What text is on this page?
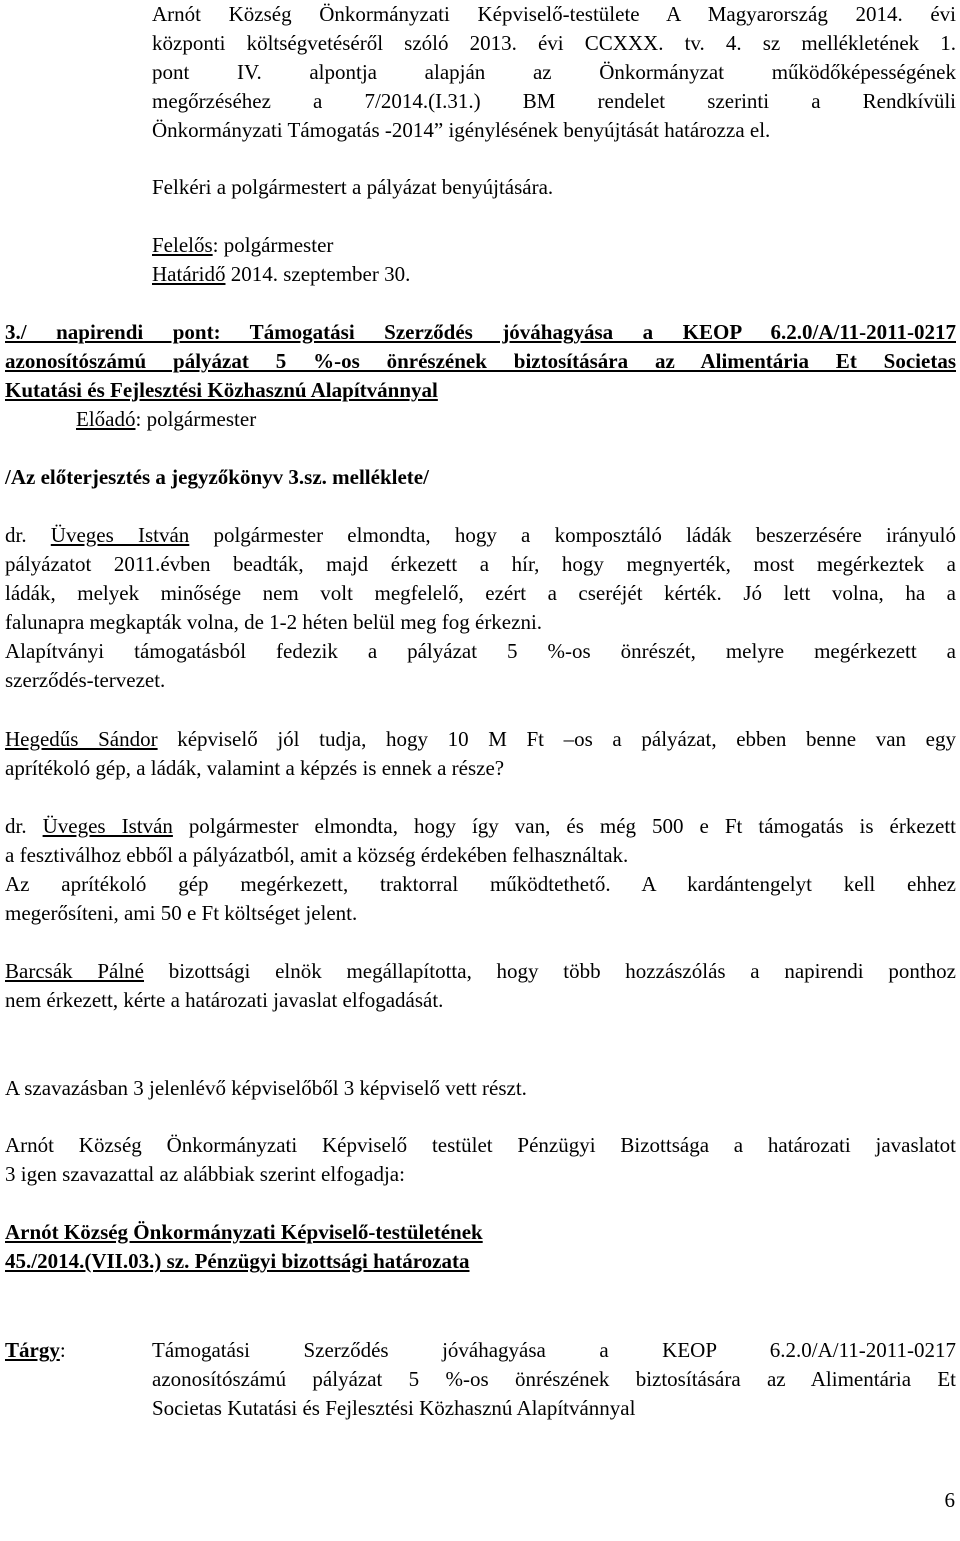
Arnót Község Önkormányzati Képviselő-testülete A Magyarország 2014. évi
központi költségvetéséről szóló 2013. évi CCXXX. tv. 4. sz mellékletének 1.
pont IV. alpontja alapján az Önkormányzat működőképességének
megőrzéséhez a 7/2014.(I.31.) BM rendelet szerinti a Rendkívüli
Önkormányzati Támogatás -2014” igénylésének benyújtását határozza el.
Felkéri a polgármestert a pályázat benyújtására.
Felelős: polgármester
Határidő 2014. szeptember 30.
3./ napirendi pont: Támogatási Szerződés jóváhagyása a KEOP 6.2.0/A/11-2011-0217
azonosítószámú pályázat 5 %-os önrészének biztosítására az Alimentária Et Societas
Kutatási és Fejlesztési Közhasznú Alapítvánnyal
Előadó: polgármester
/Az előterjesztés a jegyzőkönyv 3.sz. melléklete/
dr. Üveges István polgármester elmondta, hogy a komposztáló ládák beszerzésére irányuló
pályázatot 2011.évben beadták, majd érkezett a hír, hogy megnyerték, most megérkeztek a
ládák, melyek minősége nem volt megfelelő, ezért a cseréjét kérték. Jó lett volna, ha a
falunapra megkapták volna, de 1-2 héten belül meg fog érkezni.
Alapítványi támogatásból fedezik a pályázat 5 %-os önrészét, melyre megérkezett a
szerződés-tervezet.
Hegedűs Sándor képviselő jól tudja, hogy 10 M Ft –os a pályázat, ebben benne van egy
aprítékoló gép, a ládák, valamint a képzés is ennek a része?
dr. Üveges István polgármester elmondta, hogy így van, és még 500 e Ft támogatás is érkezett
a fesztiválhoz ebből a pályázatból, amit a község érdekében felhasználtak.
Az aprítékoló gép megérkezett, traktorral működtethető. A kardántengelyt kell ehhez
megerősíteni, ami 50 e Ft költséget jelent.
Barcsák Pálné bizottsági elnök megállapította, hogy több hozzászólás a napirendi ponthoz
nem érkezett, kérte a határozati javaslat elfogadását.
A szavazásban 3 jelenlévő képviselőből 3 képviselő vett részt.
Arnót Község Önkormányzati Képviselő testület Pénzügyi Bizottsága a határozati javaslatot
3 igen szavazattal az alábbiak szerint elfogadja:
Arnót Község Önkormányzati Képviselő-testületének
45./2014.(VII.03.) sz. Pénzügyi bizottsági határozata
Tárgy:	Támogatási Szerződés jóváhagyása a KEOP 6.2.0/A/11-2011-0217
azonosítószámú pályázat 5 %-os önrészének biztosítására az Alimentária Et
Societas Kutatási és Fejlesztési Közhasznú Alapítvánnyal
6
